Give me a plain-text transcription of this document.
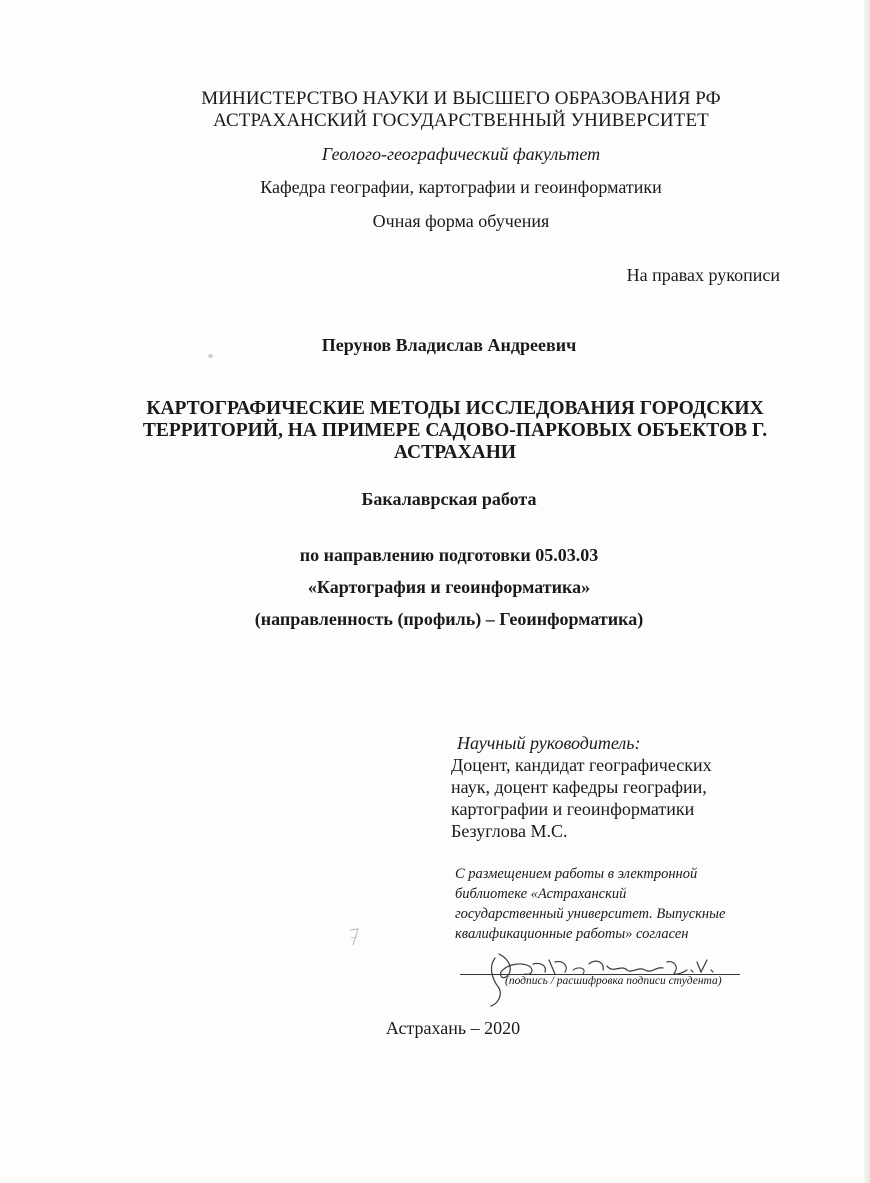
МИНИСТЕРСТВО НАУКИ И ВЫСШЕГО ОБРАЗОВАНИЯ РФ
АСТРАХАНСКИЙ ГОСУДАРСТВЕННЫЙ УНИВЕРСИТЕТ
Геолого-географический факультет
Кафедра географии, картографии и геоинформатики
Очная форма обучения
На правах рукописи
Перунов Владислав Андреевич
КАРТОГРАФИЧЕСКИЕ МЕТОДЫ ИССЛЕДОВАНИЯ ГОРОДСКИХ
ТЕРРИТОРИЙ, НА ПРИМЕРЕ САДОВО-ПАРКОВЫХ ОБЪЕКТОВ Г.
АСТРАХАНИ
Бакалаврская работа
по направлению подготовки 05.03.03
«Картография и геоинформатика»
(направленность (профиль) – Геоинформатика)
Научный руководитель:
Доцент, кандидат географических
наук, доцент кафедры географии,
картографии и геоинформатики
Безуглова М.С.
С размещением работы в электронной
библиотеке «Астраханский
государственный университет. Выпускные
квалификационные работы» согласен
.
(подпись / расшифровка подписи студента)
Астрахань – 2020
